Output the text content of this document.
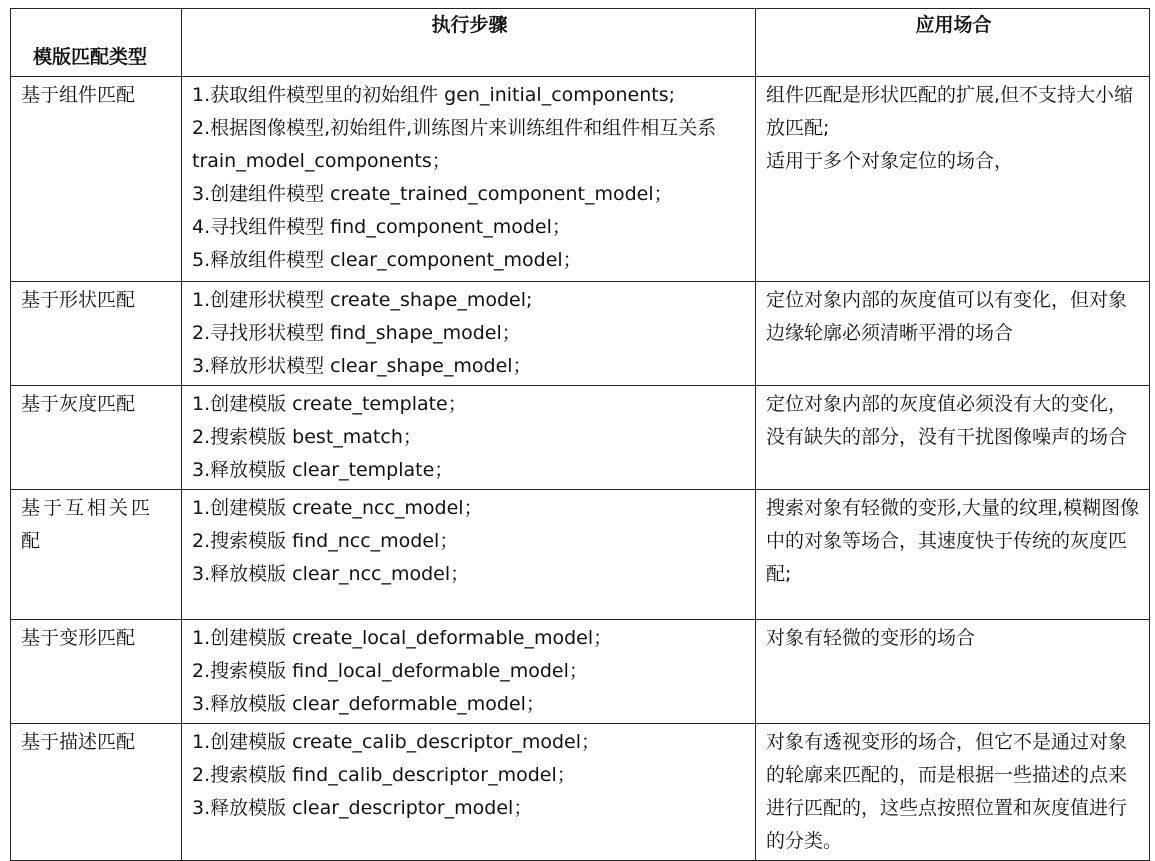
模版匹配类型	执行步骤	应用场合
基于组件匹配	1.获取组件模型里的初始组件 gen_initial_components;
2.根据图像模型,初始组件,训练图片来训练组件和组件相互关系 train_model_components；
3.创建组件模型 create_trained_component_model；
4.寻找组件模型 find_component_model；
5.释放组件模型 clear_component_model；	组件匹配是形状匹配的扩展,但不支持大小缩放匹配;
适用于多个对象定位的场合，
基于形状匹配	1.创建形状模型 create_shape_model;
2.寻找形状模型 find_shape_model；
3.释放形状模型 clear_shape_model；	定位对象内部的灰度值可以有变化，但对象边缘轮廓必须清晰平滑的场合
基于灰度匹配	1.创建模版 create_template；
2.搜索模版 best_match；
3.释放模版 clear_template；	定位对象内部的灰度值必须没有大的变化，没有缺失的部分，没有干扰图像噪声的场合
基于互相关匹配	1.创建模版 create_ncc_model；
2.搜索模版 find_ncc_model；
3.释放模版 clear_ncc_model；	搜索对象有轻微的变形,大量的纹理,模糊图像中的对象等场合，其速度快于传统的灰度匹配;
基于变形匹配	1.创建模版 create_local_deformable_model；
2.搜索模版 find_local_deformable_model；
3.释放模版 clear_deformable_model；	对象有轻微的变形的场合
基于描述匹配	1.创建模版 create_calib_descriptor_model；
2.搜索模版 find_calib_descriptor_model；
3.释放模版 clear_descriptor_model；	对象有透视变形的场合，但它不是通过对象的轮廓来匹配的，而是根据一些描述的点来进行匹配的，这些点按照位置和灰度值进行的分类。
